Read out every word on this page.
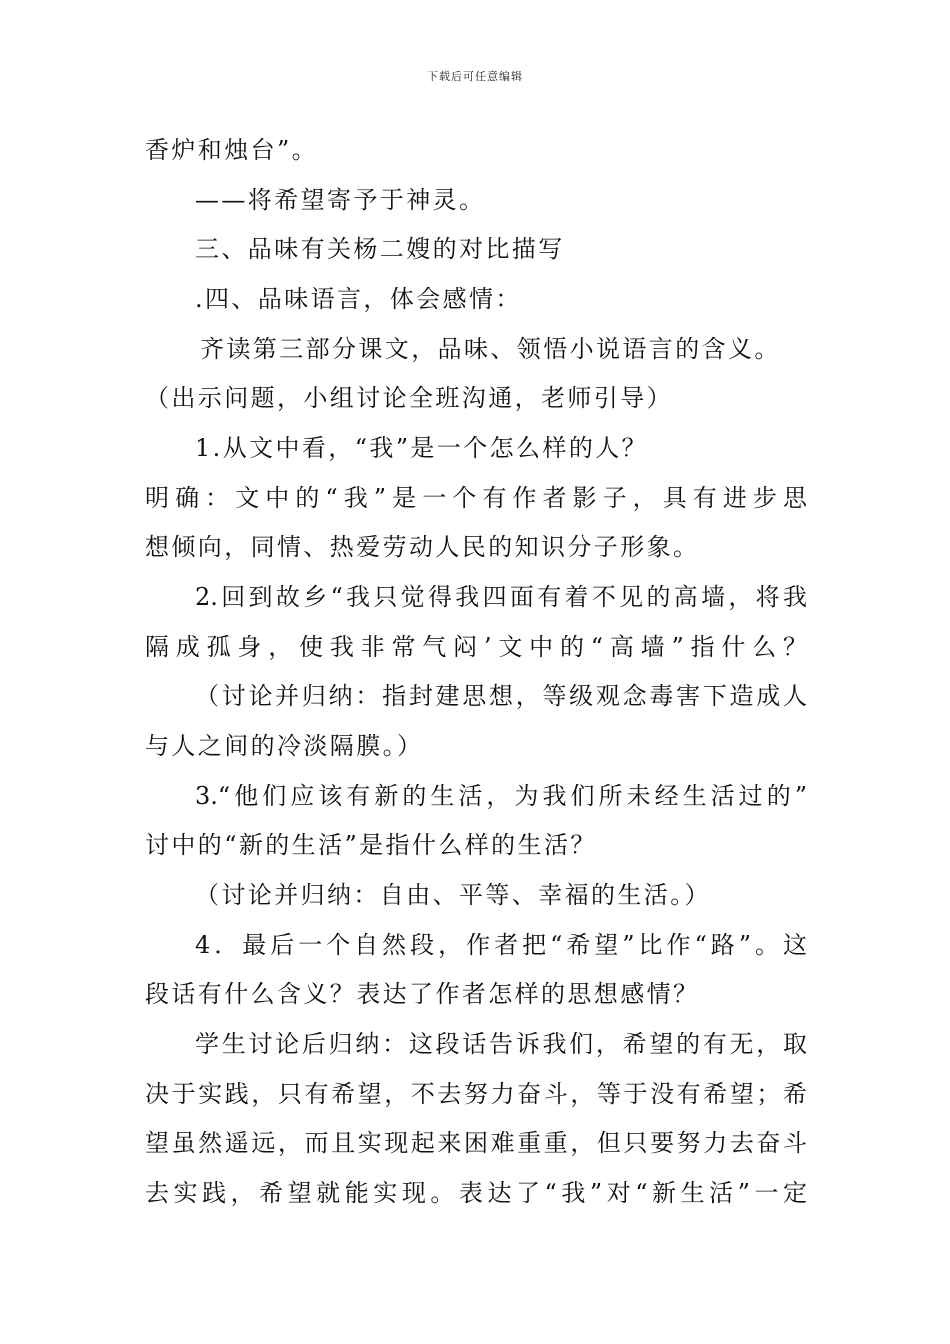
下载后可任意编辑
香炉和烛台”。
——将希望寄予于神灵。
三、品味有关杨二嫂的对比描写
.四、品味语言，体会感情：
齐读第三部分课文，品味、领悟小说语言的含义。
（出示问题，小组讨论全班沟通，老师引导）
1.从文中看，“我”是一个怎么样的人？
明确：文中的“我”是一个有作者影子，具有进步思
想倾向，同情、热爱劳动人民的知识分子形象。
2.回到故乡“我只觉得我四面有着不见的高墙，将我
隔成孤身，使我非常气闷’文中的“高墙”指什么？
（讨论并归纳：指封建思想，等级观念毒害下造成人
与人之间的冷淡隔膜。）
3.“他们应该有新的生活，为我们所未经生活过的”
讨中的“新的生活”是指什么样的生活？
（讨论并归纳：自由、平等、幸福的生活。）
4．最后一个自然段，作者把“希望”比作“路”。这
段话有什么含义？表达了作者怎样的思想感情？
学生讨论后归纳：这段话告诉我们，希望的有无，取
决于实践，只有希望，不去努力奋斗，等于没有希望；希
望虽然遥远，而且实现起来困难重重，但只要努力去奋斗
去实践，希望就能实现。表达了“我”对“新生活”一定
